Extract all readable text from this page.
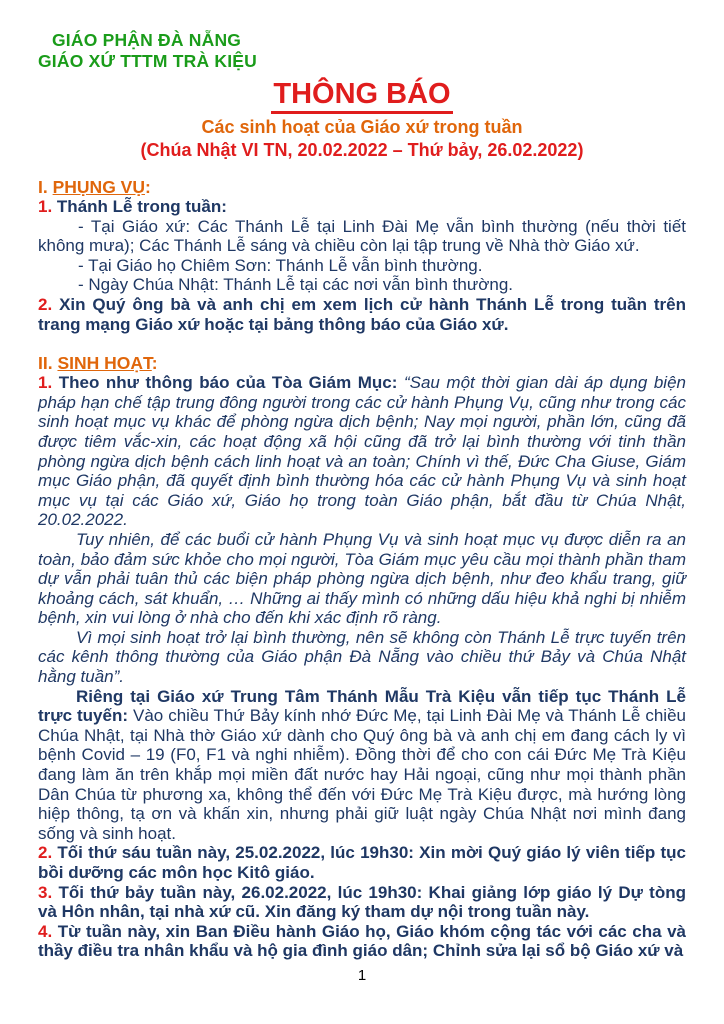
GIÁO PHẬN ĐÀ NẴNG
GIÁO XỨ TTTM TRÀ KIỆU
THÔNG BÁO
Các sinh hoạt của Giáo xứ trong tuần
(Chúa Nhật VI TN, 20.02.2022 – Thứ bảy, 26.02.2022)

I. PHỤNG VỤ:

1. Thánh Lễ trong tuần:

- Tại Giáo xứ: Các Thánh Lễ tại Linh Đài Mẹ vẫn bình thường (nếu thời tiết không mưa); Các Thánh Lễ sáng và chiều còn lại tập trung về Nhà thờ Giáo xứ.

- Tại Giáo họ Chiêm Sơn: Thánh Lễ vẫn bình thường.

- Ngày Chúa Nhật: Thánh Lễ tại các nơi vẫn bình thường.

2. Xin Quý ông bà và anh chị em xem lịch cử hành Thánh Lễ trong tuần trên trang mạng Giáo xứ hoặc tại bảng thông báo của Giáo xứ.

II. SINH HOẠT:

1. Theo như thông báo của Tòa Giám Mục: “Sau một thời gian dài áp dụng biện pháp hạn chế tập trung đông người trong các cử hành Phụng Vụ, cũng như trong các sinh hoạt mục vụ khác để phòng ngừa dịch bệnh; Nay mọi người, phần lớn, cũng đã được tiêm vắc-xin, các hoạt động xã hội cũng đã trở lại bình thường với tinh thần phòng ngừa dịch bệnh cách linh hoạt và an toàn; Chính vì thế, Đức Cha Giuse, Giám mục Giáo phận, đã quyết định bình thường hóa các cử hành Phụng Vụ và sinh hoạt mục vụ tại các Giáo xứ, Giáo họ trong toàn Giáo phận, bắt đầu từ Chúa Nhật, 20.02.2022.

Tuy nhiên, để các buổi cử hành Phụng Vụ và sinh hoạt mục vụ được diễn ra an toàn, bảo đảm sức khỏe cho mọi người, Tòa Giám mục yêu cầu mọi thành phần tham dự vẫn phải tuân thủ các biện pháp phòng ngừa dịch bệnh, như đeo khẩu trang, giữ khoảng cách, sát khuẩn, … Những ai thấy mình có những dấu hiệu khả nghi bị nhiễm bệnh, xin vui lòng ở nhà cho đến khi xác định rõ ràng.

Vì mọi sinh hoạt trở lại bình thường, nên sẽ không còn Thánh Lễ trực tuyến trên các kênh thông thường của Giáo phận Đà Nẵng vào chiều thứ Bảy và Chúa Nhật hằng tuần”.

Riêng tại Giáo xứ Trung Tâm Thánh Mẫu Trà Kiệu vẫn tiếp tục Thánh Lễ trực tuyến: Vào chiều Thứ Bảy kính nhớ Đức Mẹ, tại Linh Đài Mẹ và Thánh Lễ chiều Chúa Nhật, tại Nhà thờ Giáo xứ dành cho Quý ông bà và anh chị em đang cách ly vì bệnh Covid – 19 (F0, F1 và nghi nhiễm). Đồng thời để cho con cái Đức Mẹ Trà Kiệu đang làm ăn trên khắp mọi miền đất nước hay Hải ngoại, cũng như mọi thành phần Dân Chúa từ phương xa, không thể đến với Đức Mẹ Trà Kiệu được, mà hướng lòng hiệp thông, tạ ơn và khấn xin, nhưng phải giữ luật ngày Chúa Nhật nơi mình đang sống và sinh hoạt.

2. Tối thứ sáu tuần này, 25.02.2022, lúc 19h30: Xin mời Quý giáo lý viên tiếp tục bồi dưỡng các môn học Kitô giáo.

3. Tối thứ bảy tuần này, 26.02.2022, lúc 19h30: Khai giảng lớp giáo lý Dự tòng và Hôn nhân, tại nhà xứ cũ. Xin đăng ký tham dự nội trong tuần này.

4. Từ tuần này, xin Ban Điều hành Giáo họ, Giáo khóm cộng tác với các cha và thầy điều tra nhân khẩu và hộ gia đình giáo dân; Chỉnh sửa lại sổ bộ Giáo xứ và

1
